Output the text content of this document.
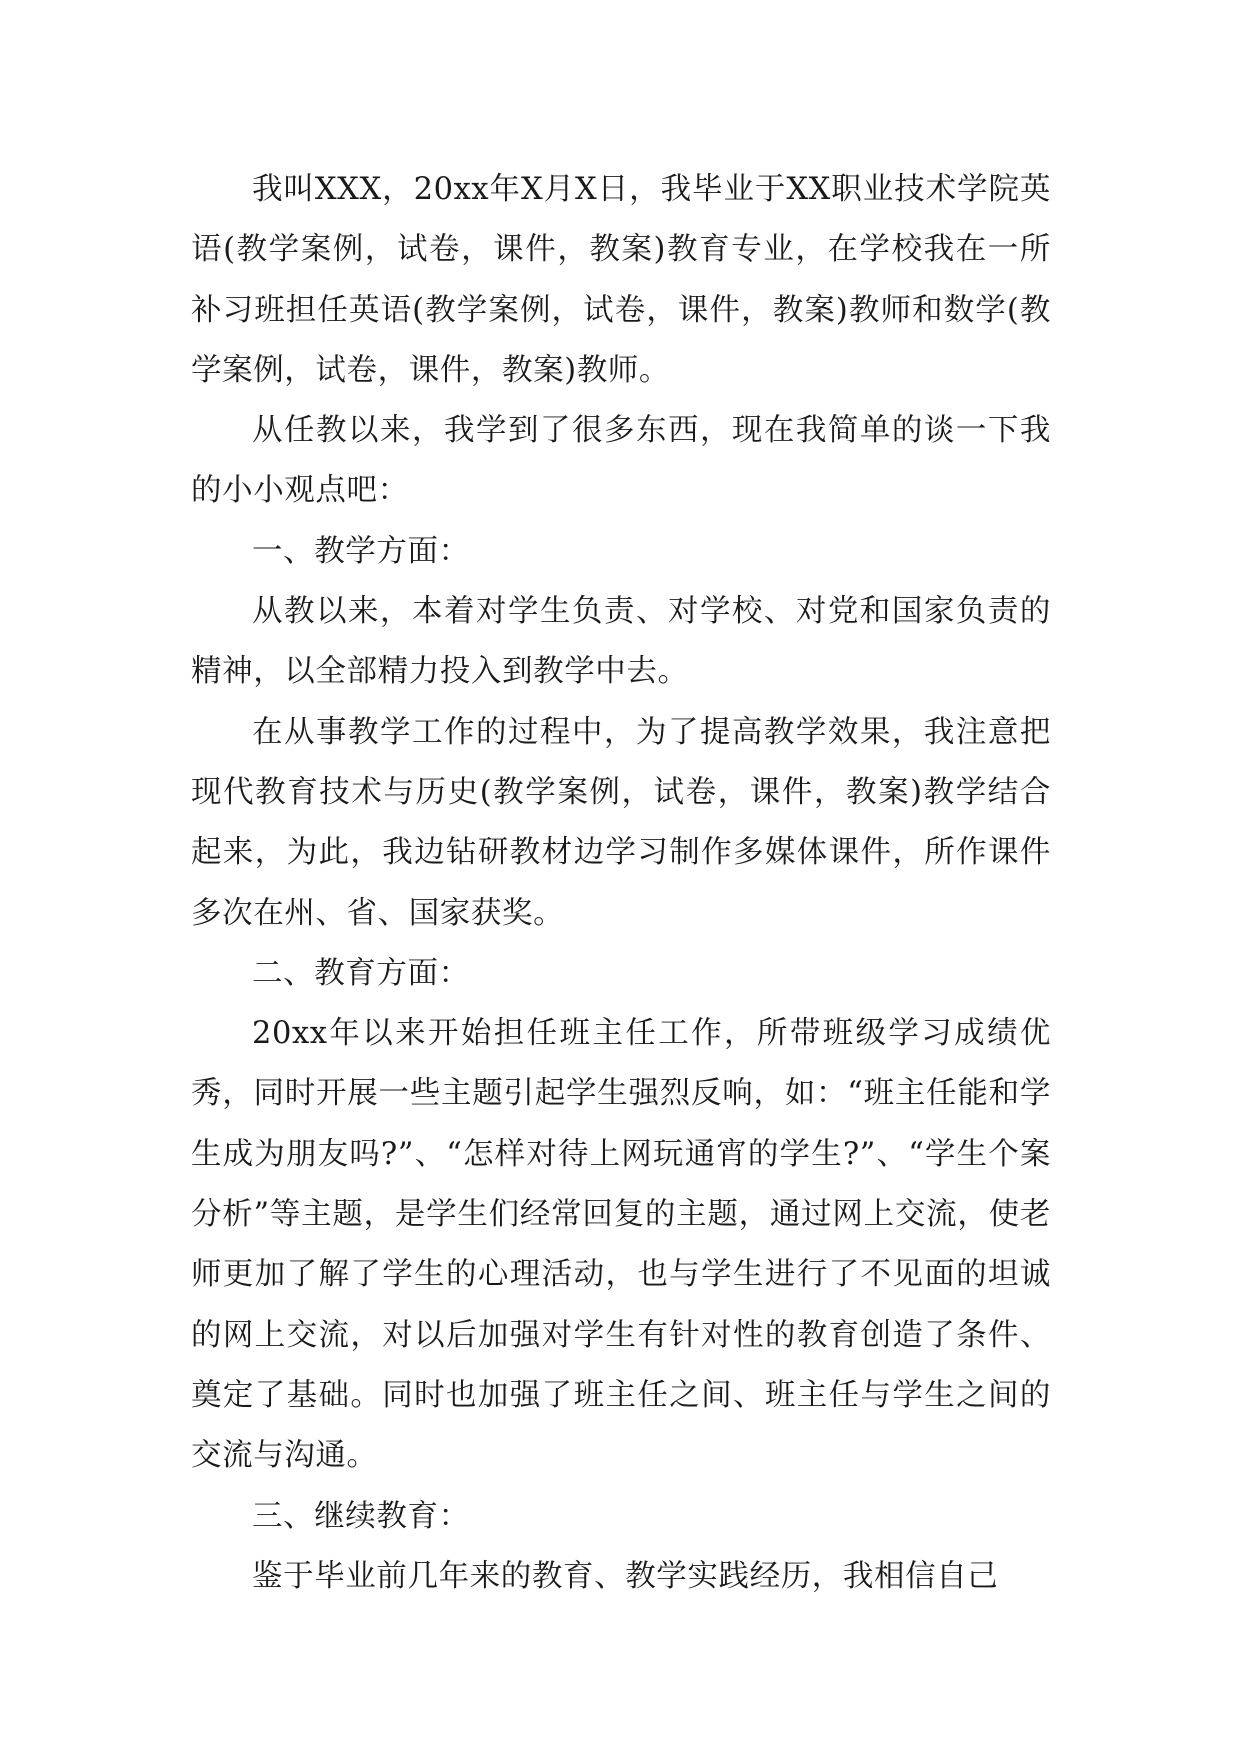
我叫XXX，20xx年X月X日，我毕业于XX职业技术学院英语(教学案例，试卷，课件，教案)教育专业，在学校我在一所补习班担任英语(教学案例，试卷，课件，教案)教师和数学(教学案例，试卷，课件，教案)教师。

从任教以来，我学到了很多东西，现在我简单的谈一下我的小小观点吧：

一、教学方面：

从教以来，本着对学生负责、对学校、对党和国家负责的精神，以全部精力投入到教学中去。

在从事教学工作的过程中，为了提高教学效果，我注意把现代教育技术与历史(教学案例，试卷，课件，教案)教学结合起来，为此，我边钻研教材边学习制作多媒体课件，所作课件多次在州、省、国家获奖。

二、教育方面：

20xx年以来开始担任班主任工作，所带班级学习成绩优秀，同时开展一些主题引起学生强烈反响，如：“班主任能和学生成为朋友吗?”、“怎样对待上网玩通宵的学生?”、“学生个案分析”等主题，是学生们经常回复的主题，通过网上交流，使老师更加了解了学生的心理活动，也与学生进行了不见面的坦诚的网上交流，对以后加强对学生有针对性的教育创造了条件、奠定了基础。同时也加强了班主任之间、班主任与学生之间的交流与沟通。

三、继续教育：

鉴于毕业前几年来的教育、教学实践经历，我相信自己
